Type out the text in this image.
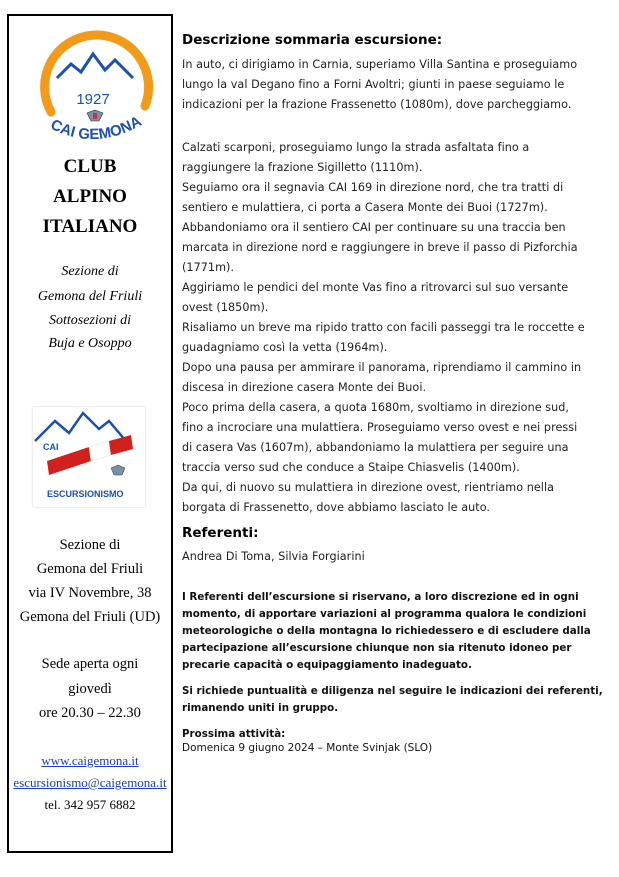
1927
CAI GEMONA
CLUB
ALPINO
ITALIANO
Sezione di
Gemona del Friuli
Sottosezioni di
Buja e Osoppo
CAI
ESCURSIONISMO
Sezione di
Gemona del Friuli
via IV Novembre, 38
Gemona del Friuli (UD)
Sede aperta ogni
giovedì
ore 20.30 – 22.30
www.caigemona.it
escursionismo@caigemona.it
tel. 342 957 6882
Descrizione sommaria escursione:
In auto, ci dirigiamo in Carnia, superiamo Villa Santina e proseguiamo
lungo la val Degano fino a Forni Avoltri; giunti in paese seguiamo le
indicazioni per la frazione Frassenetto (1080m), dove parcheggiamo.
Calzati scarponi, proseguiamo lungo la strada asfaltata fino a
raggiungere la frazione Sigilletto (1110m).
Seguiamo ora il segnavia CAI 169 in direzione nord, che tra tratti di
sentiero e mulattiera, ci porta a Casera Monte dei Buoi (1727m).
Abbandoniamo ora il sentiero CAI per continuare su una traccia ben
marcata in direzione nord e raggiungere in breve il passo di Pizforchia
(1771m).
Aggiriamo le pendici del monte Vas fino a ritrovarci sul suo versante
ovest (1850m).
Risaliamo un breve ma ripido tratto con facili passeggi tra le roccette e
guadagniamo così la vetta (1964m).
Dopo una pausa per ammirare il panorama, riprendiamo il cammino in
discesa in direzione casera Monte dei Buoi.
Poco prima della casera, a quota 1680m, svoltiamo in direzione sud,
fino a incrociare una mulattiera. Proseguiamo verso ovest e nei pressi
di casera Vas (1607m), abbandoniamo la mulattiera per seguire una
traccia verso sud che conduce a Staipe Chiasvelis (1400m).
Da qui, di nuovo su mulattiera in direzione ovest, rientriamo nella
borgata di Frassenetto, dove abbiamo lasciato le auto.
Referenti:
Andrea Di Toma, Silvia Forgiarini
I Referenti dell’escursione si riservano, a loro discrezione ed in ogni
momento, di apportare variazioni al programma qualora le condizioni
meteorologiche o della montagna lo richiedessero e di escludere dalla
partecipazione all’escursione chiunque non sia ritenuto idoneo per
precarie capacità o equipaggiamento inadeguato.
Si richiede puntualità e diligenza nel seguire le indicazioni dei referenti,
rimanendo uniti in gruppo.
Prossima attività:
Domenica 9 giugno 2024 – Monte Svinjak (SLO)
